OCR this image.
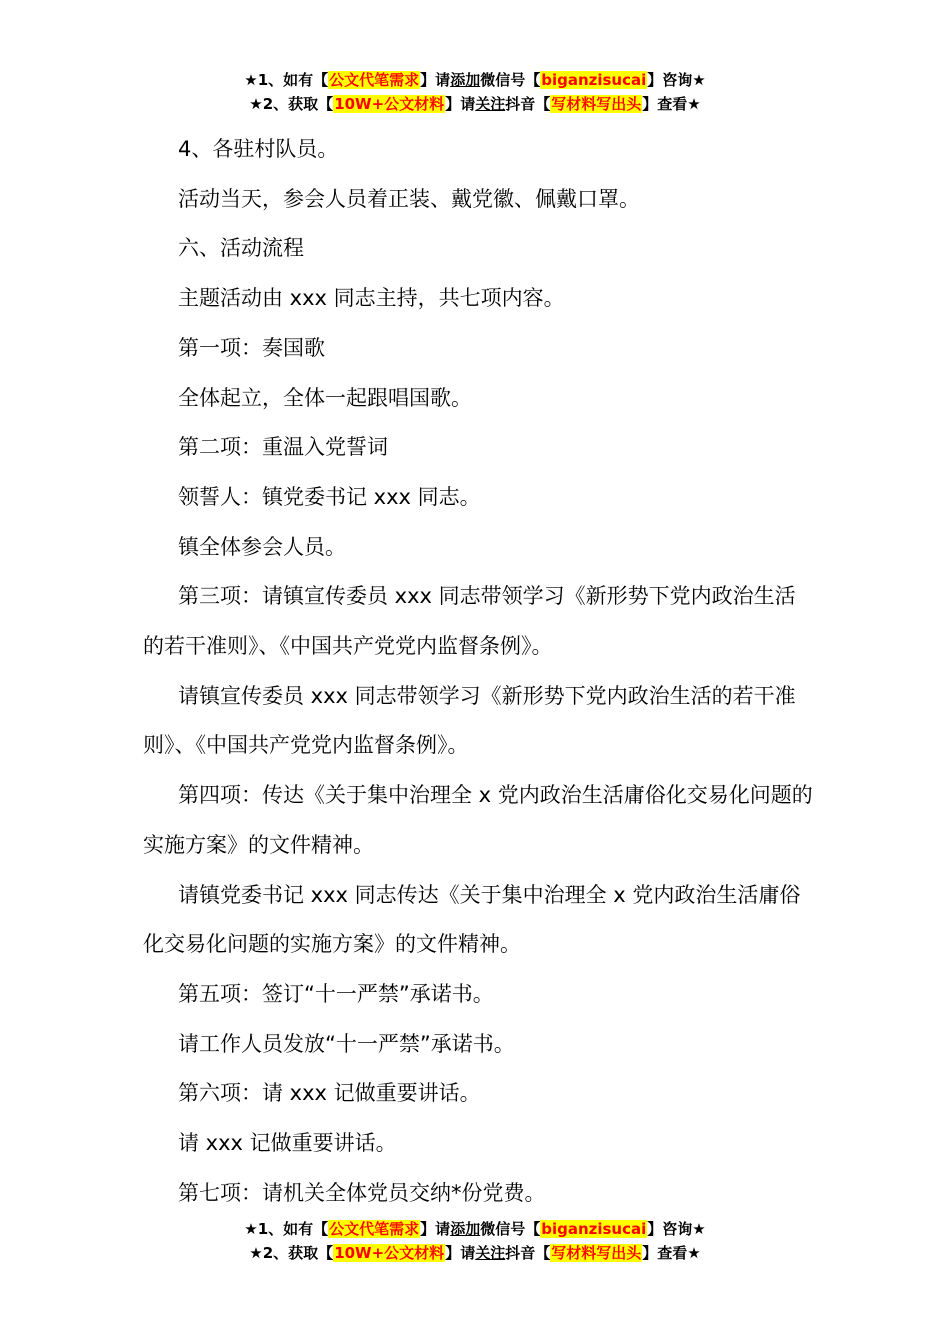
★1、如有【公文代笔需求】请添加微信号【biganzisucai】咨询★
★2、获取【10W+公文材料】请关注抖音【写材料写出头】查看★

4、各驻村队员。

活动当天，参会人员着正装、戴党徽、佩戴口罩。

六、活动流程

主题活动由 xxx 同志主持，共七项内容。

第一项：奏国歌

全体起立，全体一起跟唱国歌。

第二项：重温入党誓词

领誓人：镇党委书记 xxx 同志。

镇全体参会人员。

第三项：请镇宣传委员 xxx 同志带领学习《新形势下党内政治生活的若干准则》、《中国共产党党内监督条例》。

请镇宣传委员 xxx 同志带领学习《新形势下党内政治生活的若干准则》、《中国共产党党内监督条例》。

第四项：传达《关于集中治理全 x 党内政治生活庸俗化交易化问题的实施方案》的文件精神。

请镇党委书记 xxx 同志传达《关于集中治理全 x 党内政治生活庸俗化交易化问题的实施方案》的文件精神。

第五项：签订“十一严禁”承诺书。

请工作人员发放“十一严禁”承诺书。

第六项：请 xxx 记做重要讲话。

请 xxx 记做重要讲话。

第七项：请机关全体党员交纳*份党费。

★1、如有【公文代笔需求】请添加微信号【biganzisucai】咨询★
★2、获取【10W+公文材料】请关注抖音【写材料写出头】查看★
